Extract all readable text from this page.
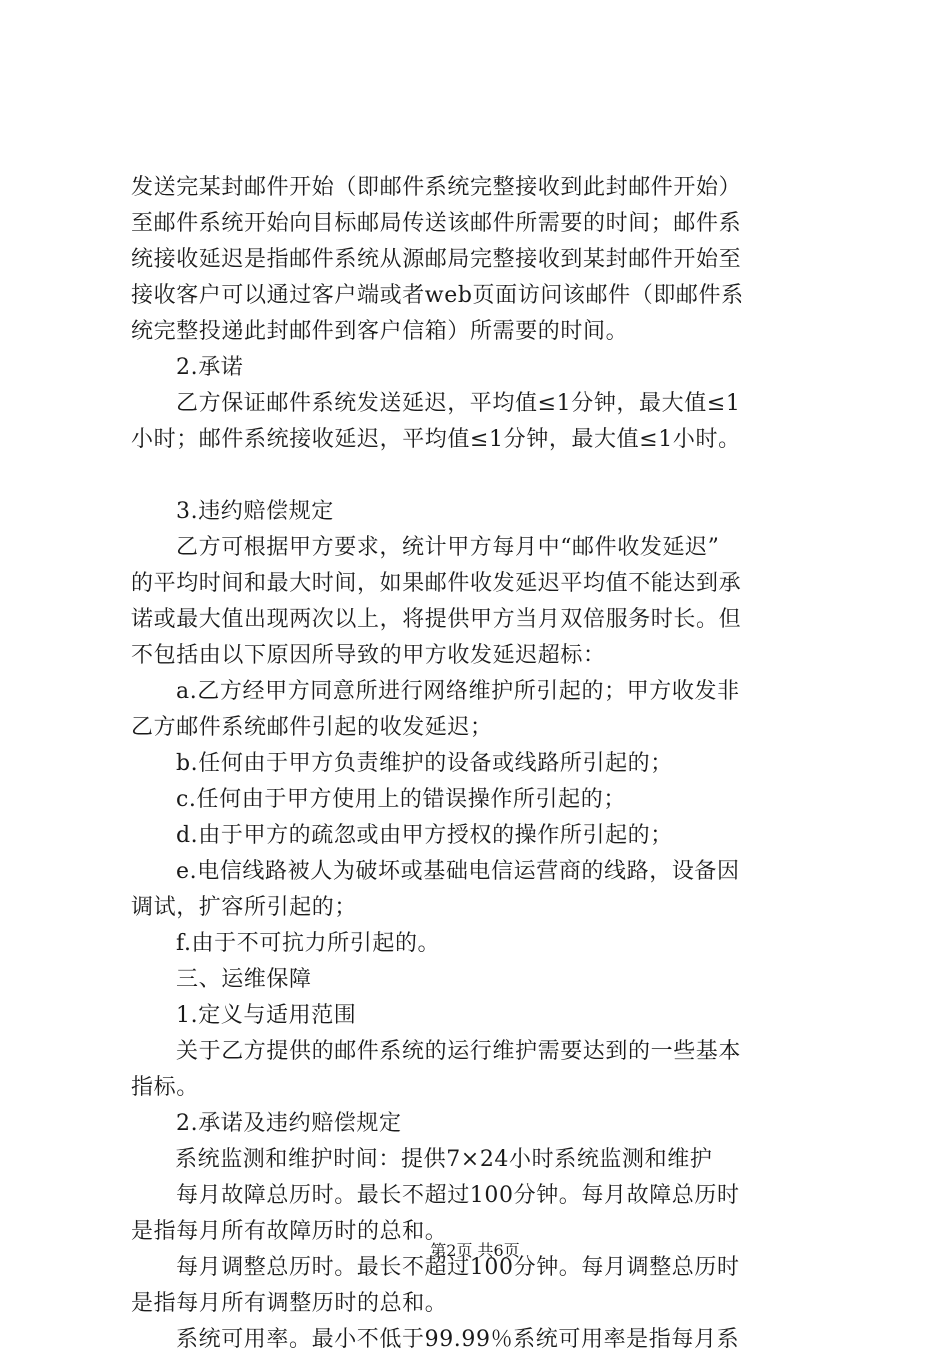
发送完某封邮件开始（即邮件系统完整接收到此封邮件开始）
至邮件系统开始向目标邮局传送该邮件所需要的时间；邮件系
统接收延迟是指邮件系统从源邮局完整接收到某封邮件开始至
接收客户可以通过客户端或者web页面访问该邮件（即邮件系
统完整投递此封邮件到客户信箱）所需要的时间。
2.承诺
乙方保证邮件系统发送延迟，平均值≤1分钟，最大值≤1
小时；邮件系统接收延迟，平均值≤1分钟，最大值≤1小时。
3.违约赔偿规定
乙方可根据甲方要求，统计甲方每月中“邮件收发延迟”
的平均时间和最大时间，如果邮件收发延迟平均值不能达到承
诺或最大值出现两次以上，将提供甲方当月双倍服务时长。但
不包括由以下原因所导致的甲方收发延迟超标：
a.乙方经甲方同意所进行网络维护所引起的；甲方收发非
乙方邮件系统邮件引起的收发延迟；
b.任何由于甲方负责维护的设备或线路所引起的；
c.任何由于甲方使用上的错误操作所引起的；
d.由于甲方的疏忽或由甲方授权的操作所引起的；
e.电信线路被人为破坏或基础电信运营商的线路，设备因
调试，扩容所引起的；
f.由于不可抗力所引起的。
三、运维保障
1.定义与适用范围
关于乙方提供的邮件系统的运行维护需要达到的一些基本
指标。
2.承诺及违约赔偿规定
系统监测和维护时间：提供7×24小时系统监测和维护
每月故障总历时。最长不超过100分钟。每月故障总历时
是指每月所有故障历时的总和。
每月调整总历时。最长不超过100分钟。每月调整总历时
是指每月所有调整历时的总和。
系统可用率。最小不低于99.99％系统可用率是指每月系
第2页 共6页
